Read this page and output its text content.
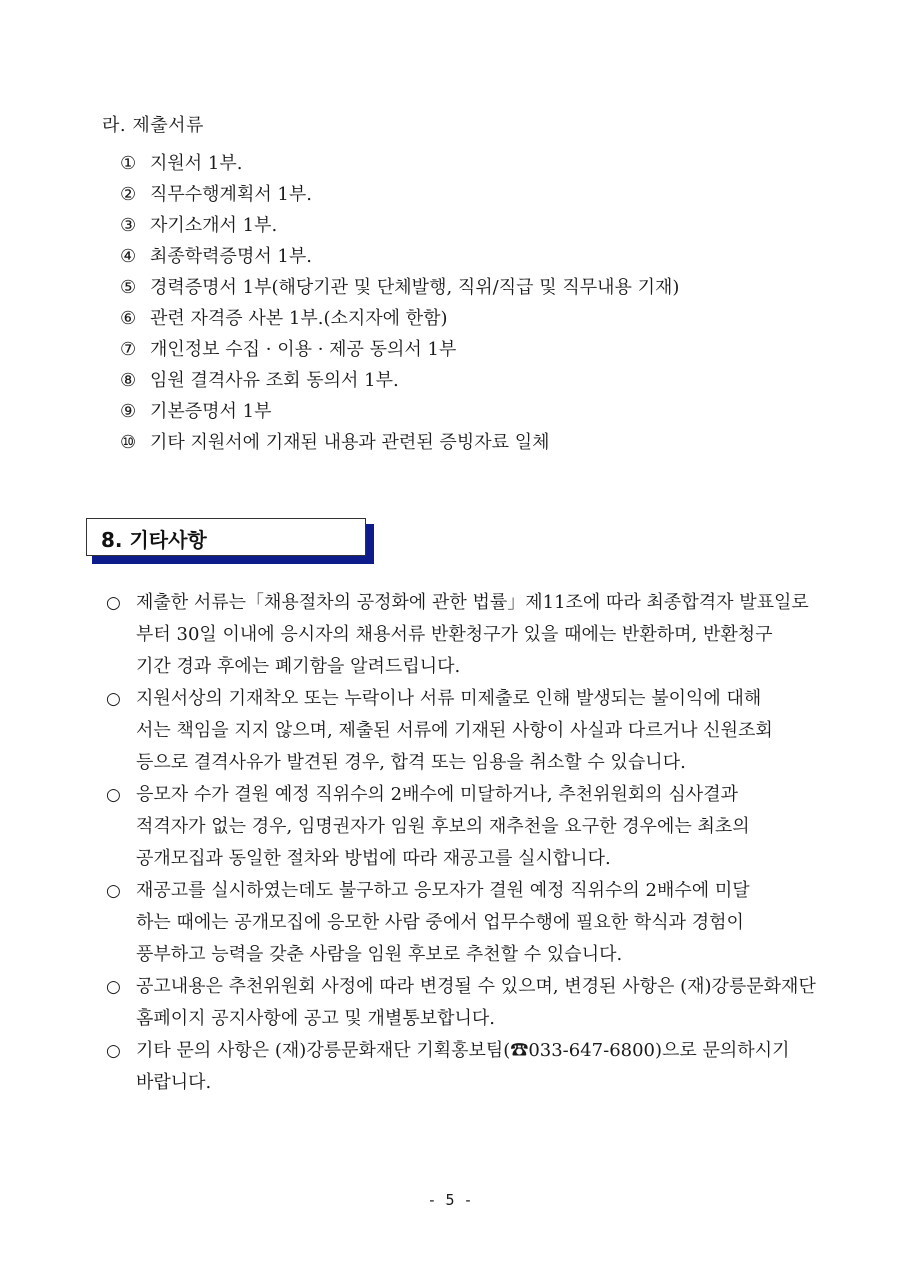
라. 제출서류
① 지원서 1부.
② 직무수행계획서 1부.
③ 자기소개서 1부.
④ 최종학력증명서 1부.
⑤ 경력증명서 1부(해당기관 및 단체발행, 직위/직급 및 직무내용 기재)
⑥ 관련 자격증 사본 1부.(소지자에 한함)
⑦ 개인정보 수집 · 이용 · 제공 동의서 1부
⑧ 임원 결격사유 조회 동의서 1부.
⑨ 기본증명서 1부
⑩ 기타 지원서에 기재된 내용과 관련된 증빙자료 일체
8. 기타사항
○ 제출한 서류는「채용절차의 공정화에 관한 법률」제11조에 따라 최종합격자 발표일로
부터 30일 이내에 응시자의 채용서류 반환청구가 있을 때에는 반환하며, 반환청구
기간 경과 후에는 폐기함을 알려드립니다.
○ 지원서상의 기재착오 또는 누락이나 서류 미제출로 인해 발생되는 불이익에 대해
서는 책임을 지지 않으며, 제출된 서류에 기재된 사항이 사실과 다르거나 신원조회
등으로 결격사유가 발견된 경우, 합격 또는 임용을 취소할 수 있습니다.
○ 응모자 수가 결원 예정 직위수의 2배수에 미달하거나, 추천위원회의 심사결과
적격자가 없는 경우, 임명권자가 임원 후보의 재추천을 요구한 경우에는 최초의
공개모집과 동일한 절차와 방법에 따라 재공고를 실시합니다.
○ 재공고를 실시하였는데도 불구하고 응모자가 결원 예정 직위수의 2배수에 미달
하는 때에는 공개모집에 응모한 사람 중에서 업무수행에 필요한 학식과 경험이
풍부하고 능력을 갖춘 사람을 임원 후보로 추천할 수 있습니다.
○ 공고내용은 추천위원회 사정에 따라 변경될 수 있으며, 변경된 사항은 (재)강릉문화재단
홈페이지 공지사항에 공고 및 개별통보합니다.
○ 기타 문의 사항은 (재)강릉문화재단 기획홍보팀(☎033-647-6800)으로 문의하시기
바랍니다.
- 5 -
